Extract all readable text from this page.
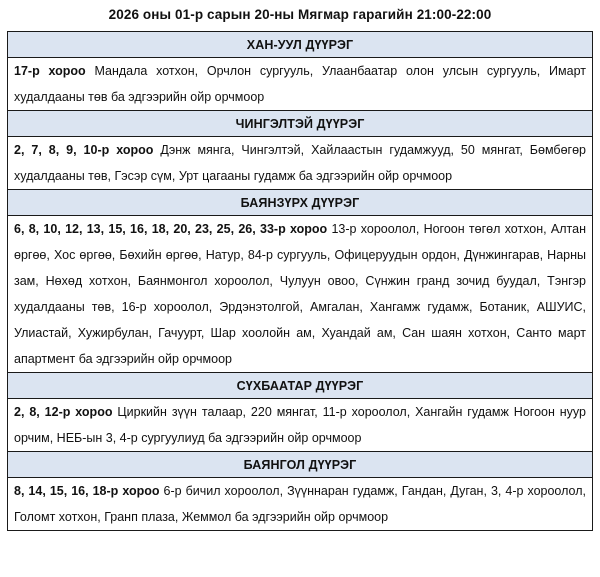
2026 оны 01-р сарын 20-ны Мягмар гарагийн 21:00-22:00
ХАН-УУЛ ДҮҮРЭГ
17-р хороо Мандала хотхон, Орчлон сургууль, Улаанбаатар олон улсын сургууль, Имарт худалдааны төв ба эдгээрийн ойр орчмоор
ЧИНГЭЛТЭЙ ДҮҮРЭГ
2, 7, 8, 9, 10-р хороо Дэнж мянга, Чингэлтэй, Хайлаастын гудамжууд, 50 мянгат, Бөмбөгөр худалдааны төв, Гэсэр сүм, Урт цагааны гудамж ба эдгээрийн ойр орчмоор
БАЯНЗҮРХ ДҮҮРЭГ
6, 8, 10, 12, 13, 15, 16, 18, 20, 23, 25, 26, 33-р хороо 13-р хороолол, Ногоон төгөл хотхон, Алтан өргөө, Хос өргөө, Бөхийн өргөө, Натур, 84-р сургууль, Офицеруудын ордон, Дүнжингарав, Нарны зам, Нөхөд хотхон, Баянмонгол хороолол, Чулуун овоо, Сүнжин гранд зочид буудал, Тэнгэр худалдааны төв, 16-р хороолол, Эрдэнэтолгой, Амгалан, Хангамж гудамж, Ботаник, АШУИС, Улиастай, Хужирбулан, Гачуурт, Шар хоолойн ам, Хуандай ам, Сан шаян хотхон, Санто март апартмент ба эдгээрийн ойр орчмоор
СҮХБААТАР ДҮҮРЭГ
2, 8, 12-р хороо Циркийн зүүн талаар, 220 мянгат, 11-р хороолол, Хангайн гудамж Ногоон нуур орчим, НЕБ-ын 3, 4-р сургуулиуд ба эдгээрийн ойр орчмоор
БАЯНГОЛ ДҮҮРЭГ
8, 14, 15, 16, 18-р хороо 6-р бичил хороолол, Зүүннаран гудамж, Гандан, Дуган, 3, 4-р хороолол, Голомт хотхон, Гранп плаза, Жеммол ба эдгээрийн ойр орчмоор
